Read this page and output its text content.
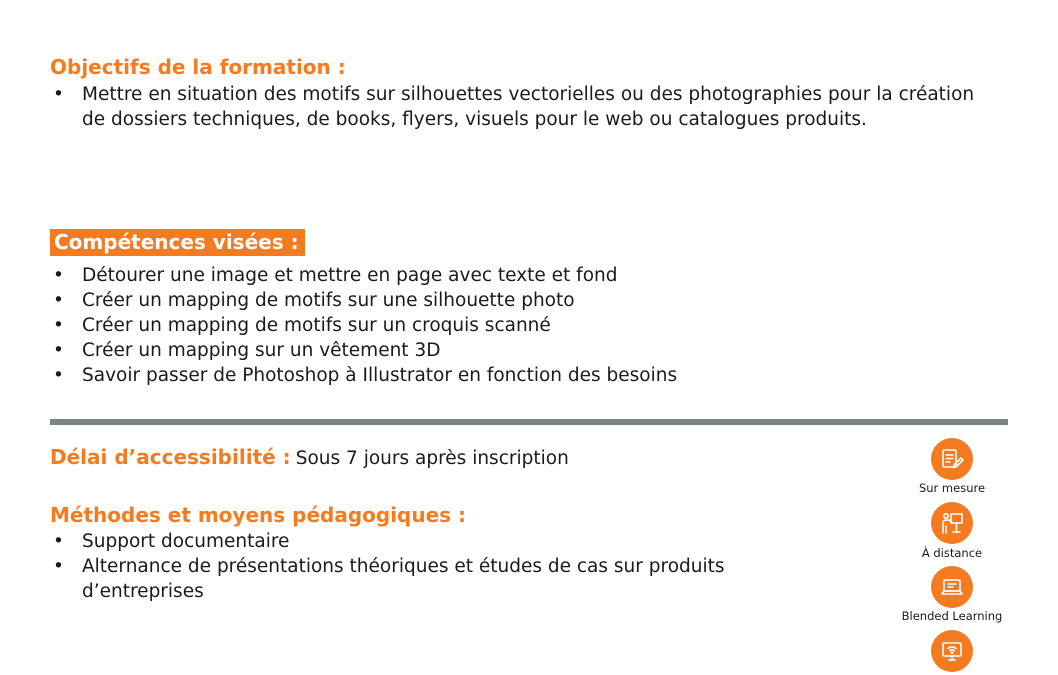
Objectifs de la formation :
• Mettre en situation des motifs sur silhouettes vectorielles ou des photographies pour la création de dossiers techniques, de books, flyers, visuels pour le web ou catalogues produits.
Compétences visées :
• Détourer une image et mettre en page avec texte et fond
• Créer un mapping de motifs sur une silhouette photo
• Créer un mapping de motifs sur un croquis scanné
• Créer un mapping sur un vêtement 3D
• Savoir passer de Photoshop à Illustrator en fonction des besoins
Délai d’accessibilité : Sous 7 jours après inscription
Méthodes et moyens pédagogiques :
• Support documentaire
• Alternance de présentations théoriques et études de cas sur produits d’entreprises
Sur mesure
À distance
Blended Learning
